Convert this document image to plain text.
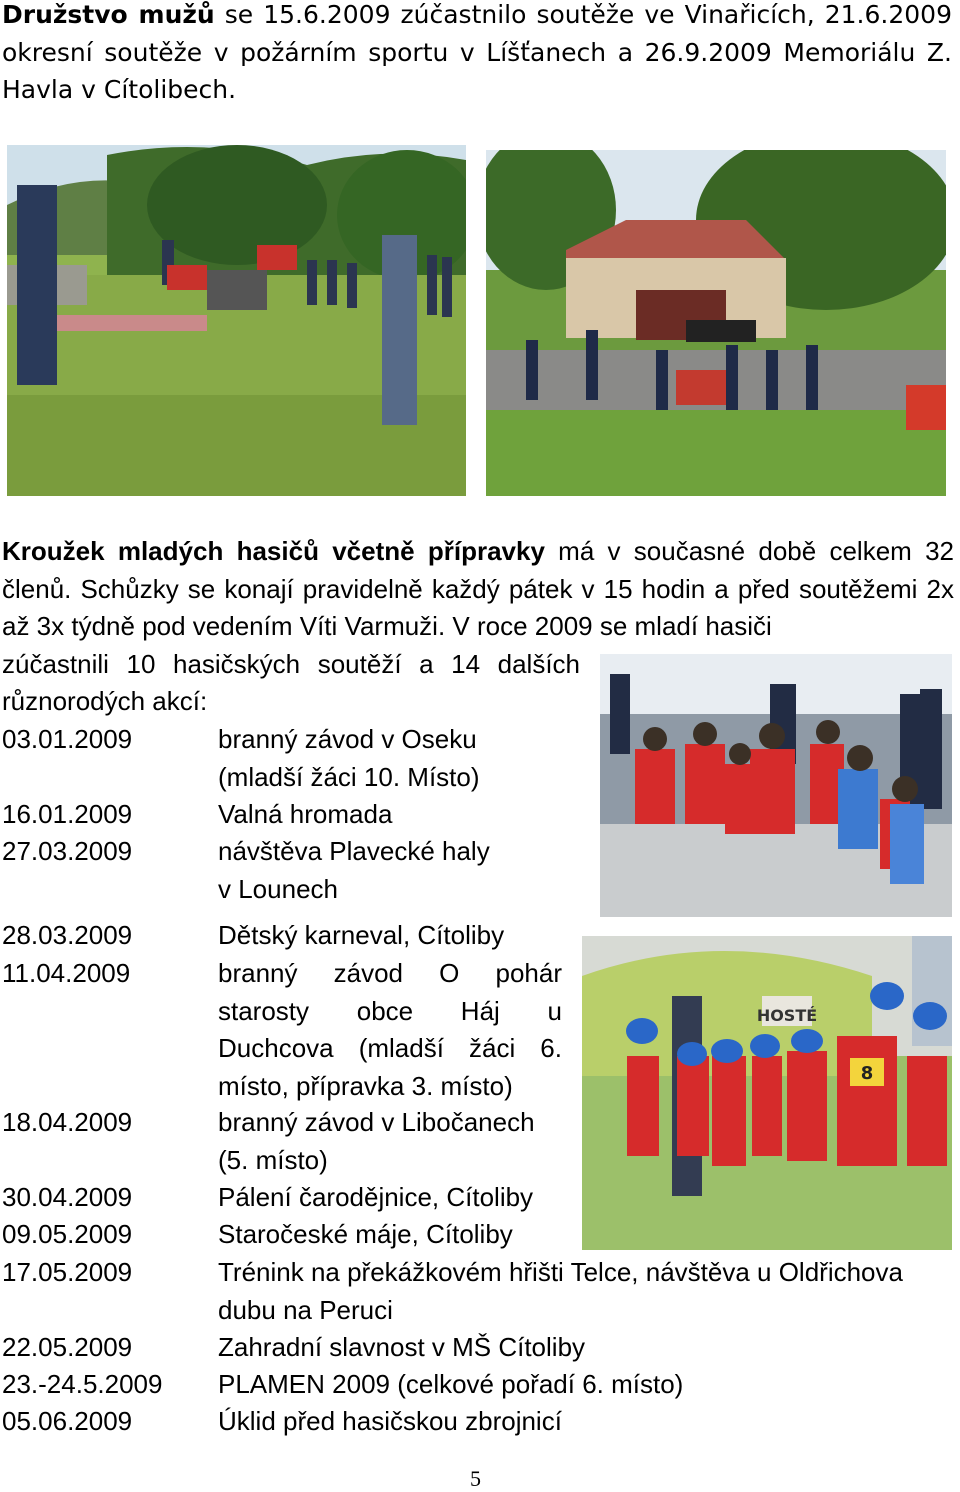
Družstvo mužů se 15.6.2009 zúčastnilo soutěže ve Vinařicích, 21.6.2009 okresní soutěže v požárním sportu v Líšťanech a 26.9.2009 Memoriálu Z. Havla v Cítolibech.
Kroužek mladých hasičů včetně přípravky má v současné době celkem 32 členů. Schůzky se konají pravidelně každý pátek v 15 hodin a před soutěžemi 2x až 3x týdně pod vedením Víti Varmuži. V roce 2009 se mladí hasiči
zúčastnili 10 hasičských soutěží a 14 dalších
různorodých akcí:
03.01.2009	branný závod v Oseku
(mladší žáci 10. Místo)
16.01.2009	Valná hromada
27.03.2009	návštěva Plavecké haly
v Lounech
28.03.2009	Dětský karneval, Cítoliby
11.04.2009	branný závod O pohár
starosty obce Háj u
Duchcova (mladší žáci 6.
místo, přípravka 3. místo)
18.04.2009	branný závod v Libočanech
(5. místo)
30.04.2009	Pálení čarodějnice, Cítoliby
09.05.2009	Staročeské máje, Cítoliby
17.05.2009	Trénink na překážkovém hřišti Telce, návštěva u Oldřichova
dubu na Peruci
22.05.2009	Zahradní slavnost v MŠ Cítoliby
23.-24.5.2009 PLAMEN 2009 (celkové pořadí 6. místo)
05.06.2009	Úklid před hasičskou zbrojnicí
HOSTÉ
8
5
